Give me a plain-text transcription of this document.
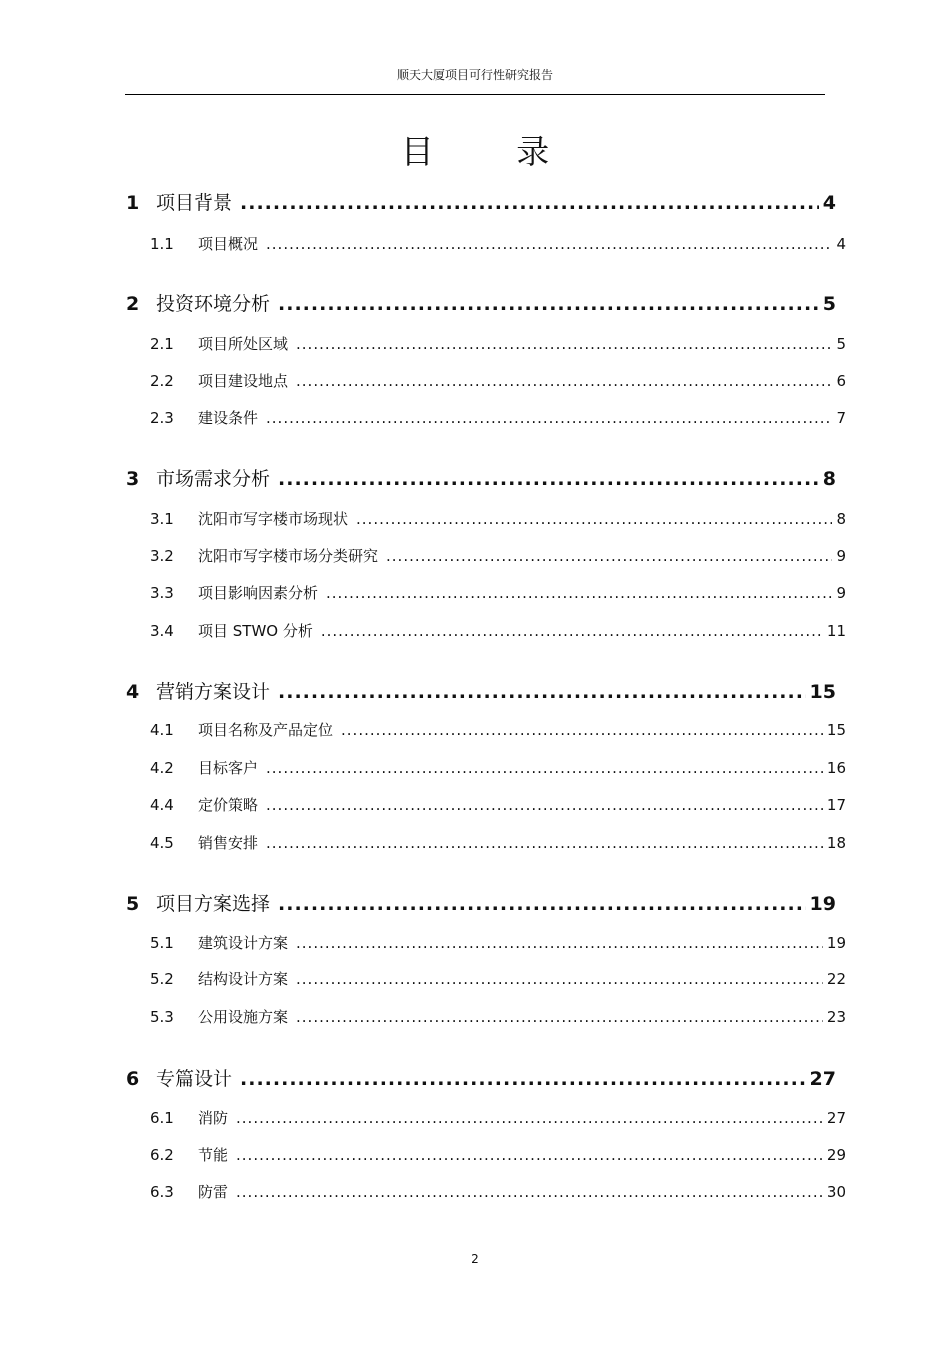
顺天大厦项目可行性研究报告
目 录
1 项目背景 .....	4
1.1	项目概况 .....	4
2 投资环境分析 .....	5
2.1	项目所处区域 .....	5
2.2	项目建设地点 .....	6
2.3	建设条件 .....	7
3 市场需求分析 .....	8
3.1	沈阳市写字楼市场现状 .....	8
3.2	沈阳市写字楼市场分类研究 .....	9
3.3	项目影响因素分析 .....	9
3.4	项目 STWO 分析 .....	11
4 营销方案设计 .....	15
4.1	项目名称及产品定位 .....	15
4.2	目标客户 .....	16
4.4	定价策略 .....	17
4.5	销售安排 .....	18
5 项目方案选择 .....	19
5.1	建筑设计方案 .....	19
5.2	结构设计方案 .....	22
5.3	公用设施方案 .....	23
6 专篇设计 .....	27
6.1	消防 .....	27
6.2	节能 .....	29
6.3	防雷 .....	30
2
